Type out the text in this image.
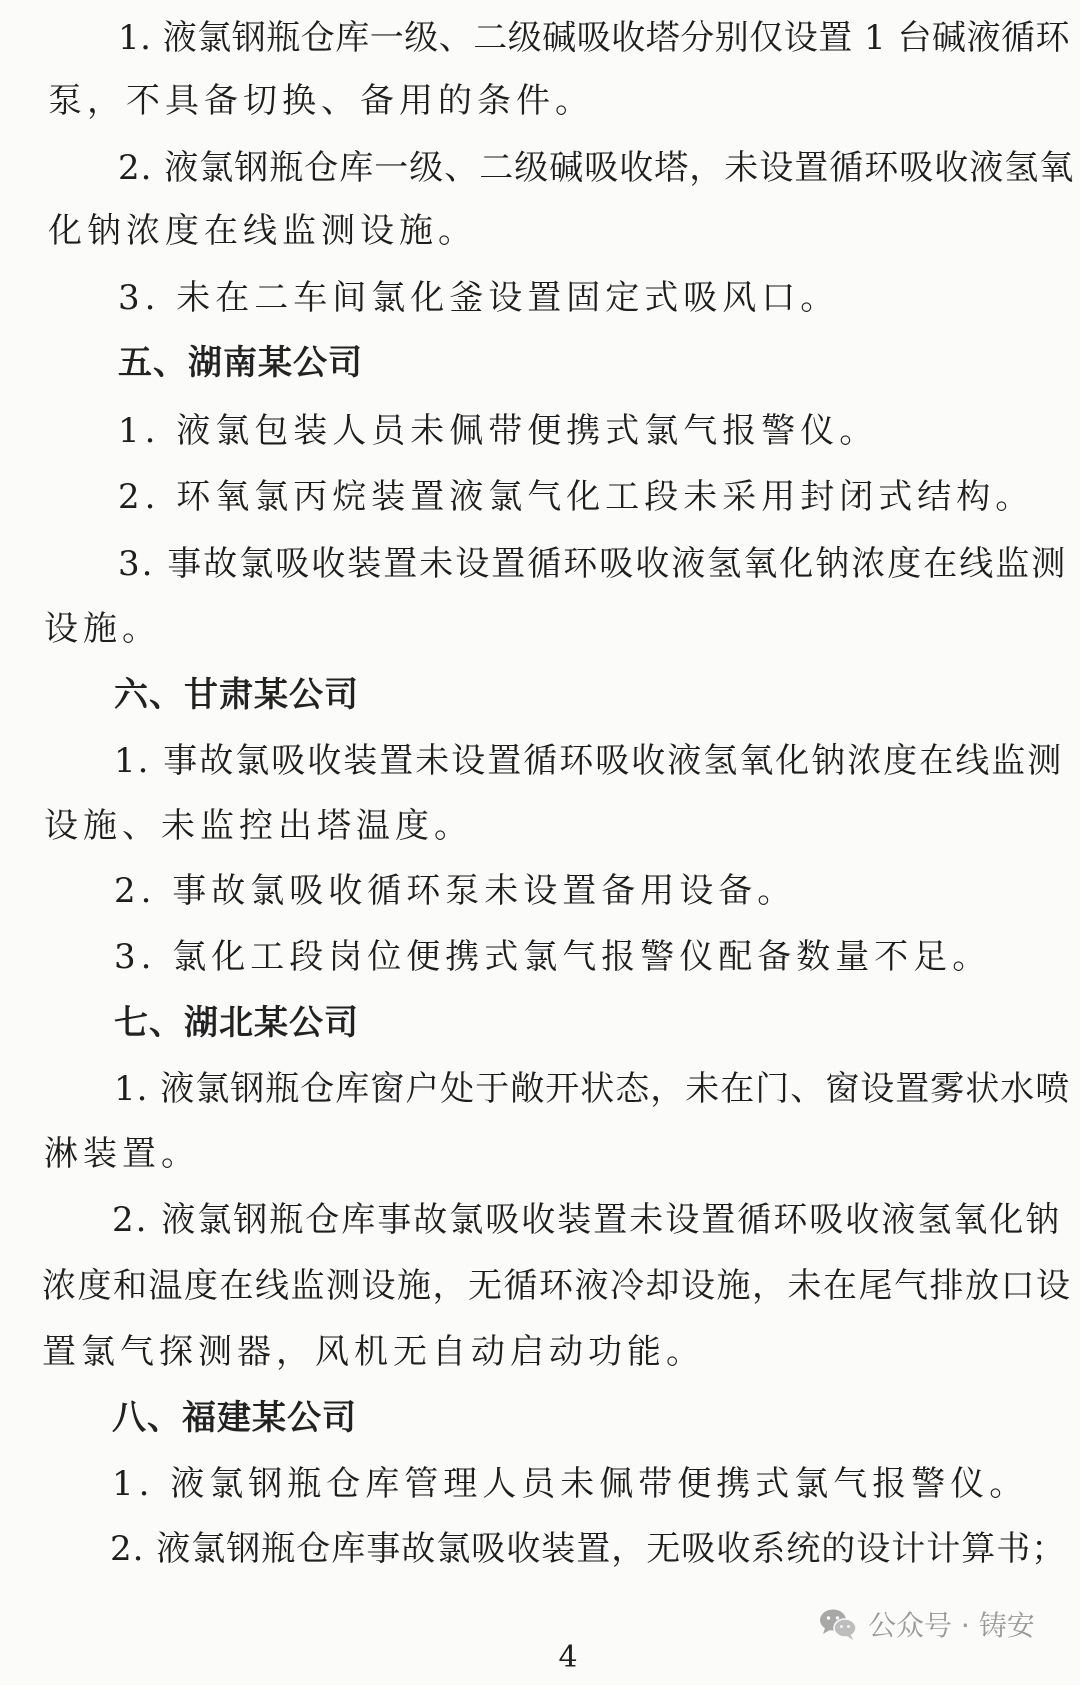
1. 液氯钢瓶仓库一级、二级碱吸收塔分别仅设置 1 台碱液循环
泵，不具备切换、备用的条件。
2. 液氯钢瓶仓库一级、二级碱吸收塔，未设置循环吸收液氢氧
化钠浓度在线监测设施。
3. 未在二车间氯化釜设置固定式吸风口。
五、湖南某公司
1. 液氯包装人员未佩带便携式氯气报警仪。
2. 环氧氯丙烷装置液氯气化工段未采用封闭式结构。
3. 事故氯吸收装置未设置循环吸收液氢氧化钠浓度在线监测
设施。
六、甘肃某公司
1. 事故氯吸收装置未设置循环吸收液氢氧化钠浓度在线监测
设施、未监控出塔温度。
2. 事故氯吸收循环泵未设置备用设备。
3. 氯化工段岗位便携式氯气报警仪配备数量不足。
七、湖北某公司
1. 液氯钢瓶仓库窗户处于敞开状态，未在门、窗设置雾状水喷
淋装置。
2. 液氯钢瓶仓库事故氯吸收装置未设置循环吸收液氢氧化钠
浓度和温度在线监测设施，无循环液冷却设施，未在尾气排放口设
置氯气探测器，风机无自动启动功能。
八、福建某公司
1. 液氯钢瓶仓库管理人员未佩带便携式氯气报警仪。
2. 液氯钢瓶仓库事故氯吸收装置，无吸收系统的设计计算书；
公众号 · 铸安
4
